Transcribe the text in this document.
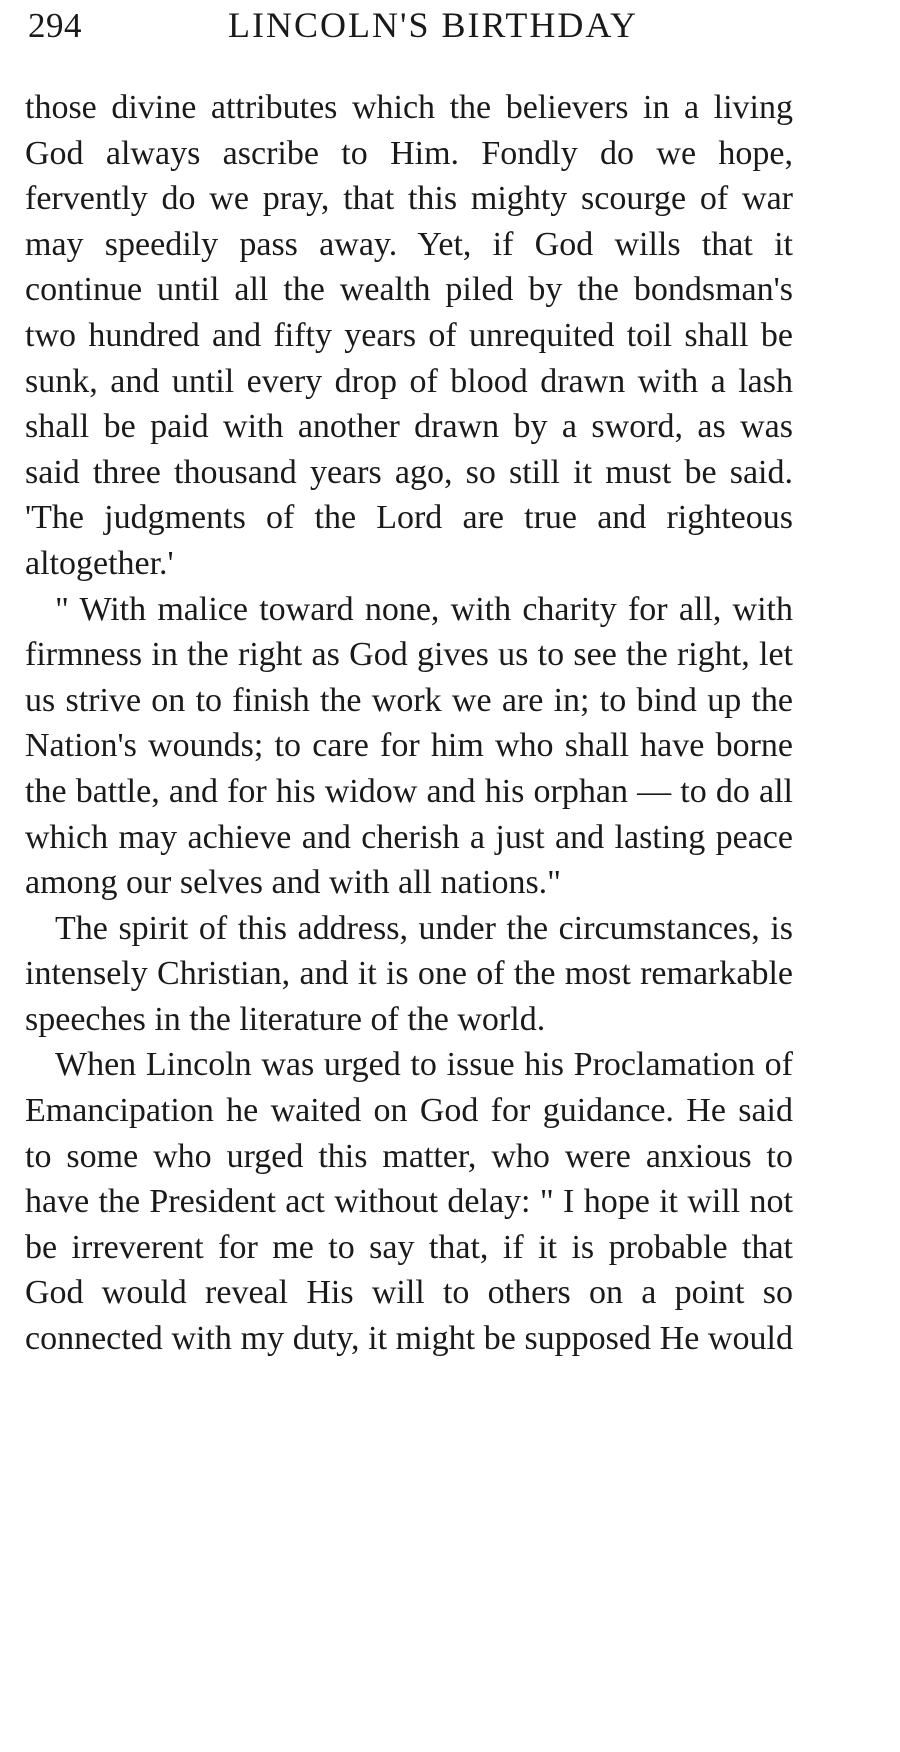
294	LINCOLN'S BIRTHDAY

those divine attributes which the believers in a living God always ascribe to Him. Fondly do we hope, fervently do we pray, that this mighty scourge of war may speedily pass away. Yet, if God wills that it continue until all the wealth piled by the bondsman's two hundred and fifty years of unrequited toil shall be sunk, and until every drop of blood drawn with a lash shall be paid with another drawn by a sword, as was said three thousand years ago, so still it must be said. 'The judgments of the Lord are true and righteous altogether.'

" With malice toward none, with charity for all, with firmness in the right as God gives us to see the right, let us strive on to finish the work we are in; to bind up the Nation's wounds; to care for him who shall have borne the battle, and for his widow and his orphan — to do all which may achieve and cherish a just and lasting peace among our selves and with all nations."

The spirit of this address, under the circumstances, is intensely Christian, and it is one of the most remarkable speeches in the literature of the world.

When Lincoln was urged to issue his Proclamation of Emancipation he waited on God for guidance. He said to some who urged this matter, who were anxious to have the President act without delay: " I hope it will not be irreverent for me to say that, if it is probable that God would reveal His will to others on a point so connected with my duty, it might be supposed He would
